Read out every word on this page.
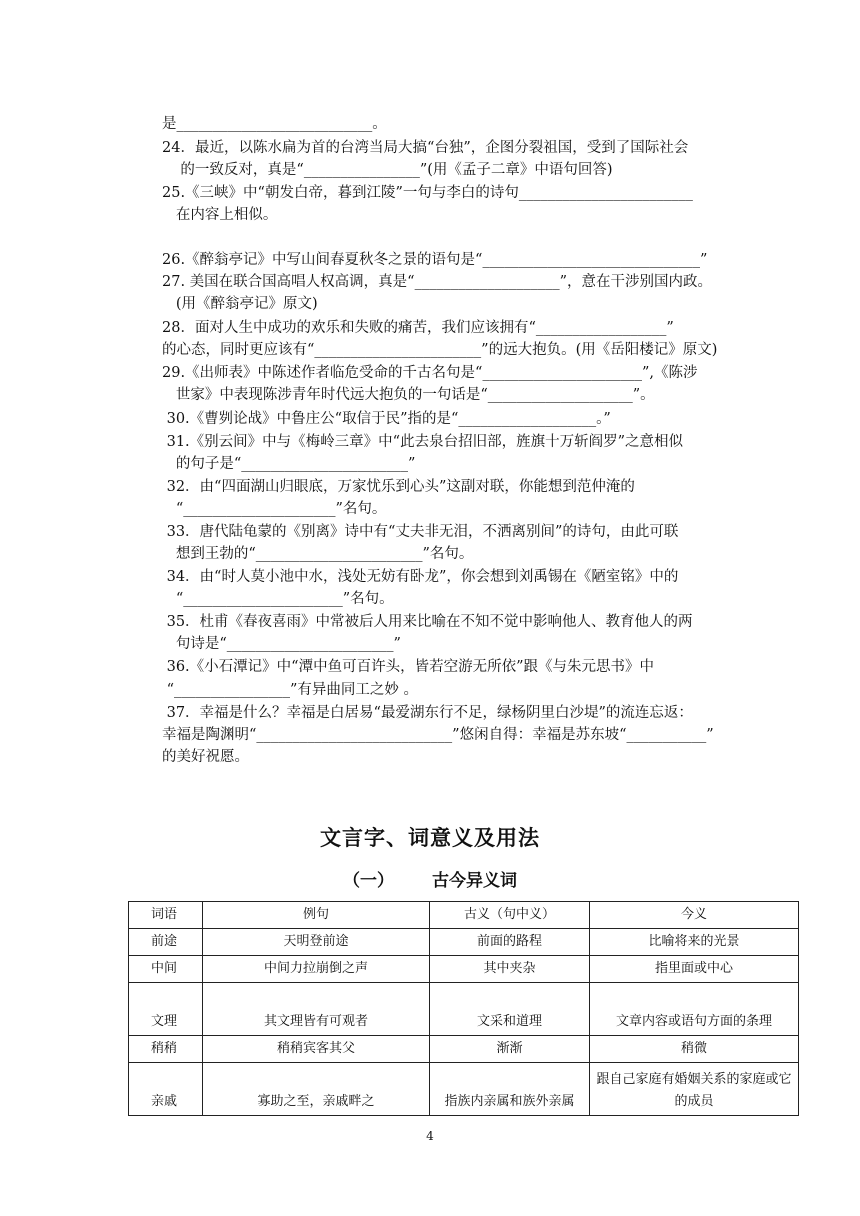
是___________________________。
24．最近，以陈水扁为首的台湾当局大搞“台独”，企图分裂祖国，受到了国际社会
的一致反对，真是“________________”(用《孟子二章》中语句回答)
25.《三峡》中“朝发白帝，暮到江陵”一句与李白的诗句________________________
在内容上相似。
26.《醉翁亭记》中写山间春夏秋冬之景的语句是“______________________________”
27. 美国在联合国高唱人权高调，真是“____________________”，意在干涉别国内政。
(用《醉翁亭记》原文)
28．面对人生中成功的欢乐和失败的痛苦，我们应该拥有“__________________”
的心态，同时更应该有“_______________________”的远大抱负。(用《岳阳楼记》原文)
29.《出师表》中陈述作者临危受命的千古名句是“______________________”,《陈涉
世家》中表现陈涉青年时代远大抱负的一句话是“____________________”。
30.《曹刿论战》中鲁庄公“取信于民”指的是“___________________。”
31.《别云间》中与《梅岭三章》中“此去泉台招旧部，旌旗十万斩阎罗”之意相似
的句子是“_______________________”
32．由“四面湖山归眼底，万家忧乐到心头”这副对联，你能想到范仲淹的
“_____________________”名句。
33．唐代陆龟蒙的《别离》诗中有“丈夫非无泪，不洒离别间”的诗句，由此可联
想到王勃的“_______________________”名句。
34．由“时人莫小池中水，浅处无妨有卧龙”，你会想到刘禹锡在《陋室铭》中的
“______________________”名句。
35．杜甫《春夜喜雨》中常被后人用来比喻在不知不觉中影响他人、教育他人的两
句诗是“_______________________”
36.《小石潭记》中“潭中鱼可百许头，皆若空游无所依”跟《与朱元思书》中
“________________”有异曲同工之妙 。
37．幸福是什么？幸福是白居易“最爱湖东行不足，绿杨阴里白沙堤”的流连忘返：
幸福是陶渊明“___________________________”悠闲自得：幸福是苏东坡“___________”
的美好祝愿。
文言字、词意义及用法
（一） 古今异义词
词语	例句	古义（句中义）	今义
前途	天明登前途	前面的路程	比喻将来的光景
中间	中间力拉崩倒之声	其中夹杂	指里面或中心
文理	其文理皆有可观者	文采和道理	文章内容或语句方面的条理
稍稍	稍稍宾客其父	渐渐	稍微
亲戚	寡助之至，亲戚畔之	指族内亲属和族外亲属	跟自己家庭有婚姻关系的家庭或它的成员
4
